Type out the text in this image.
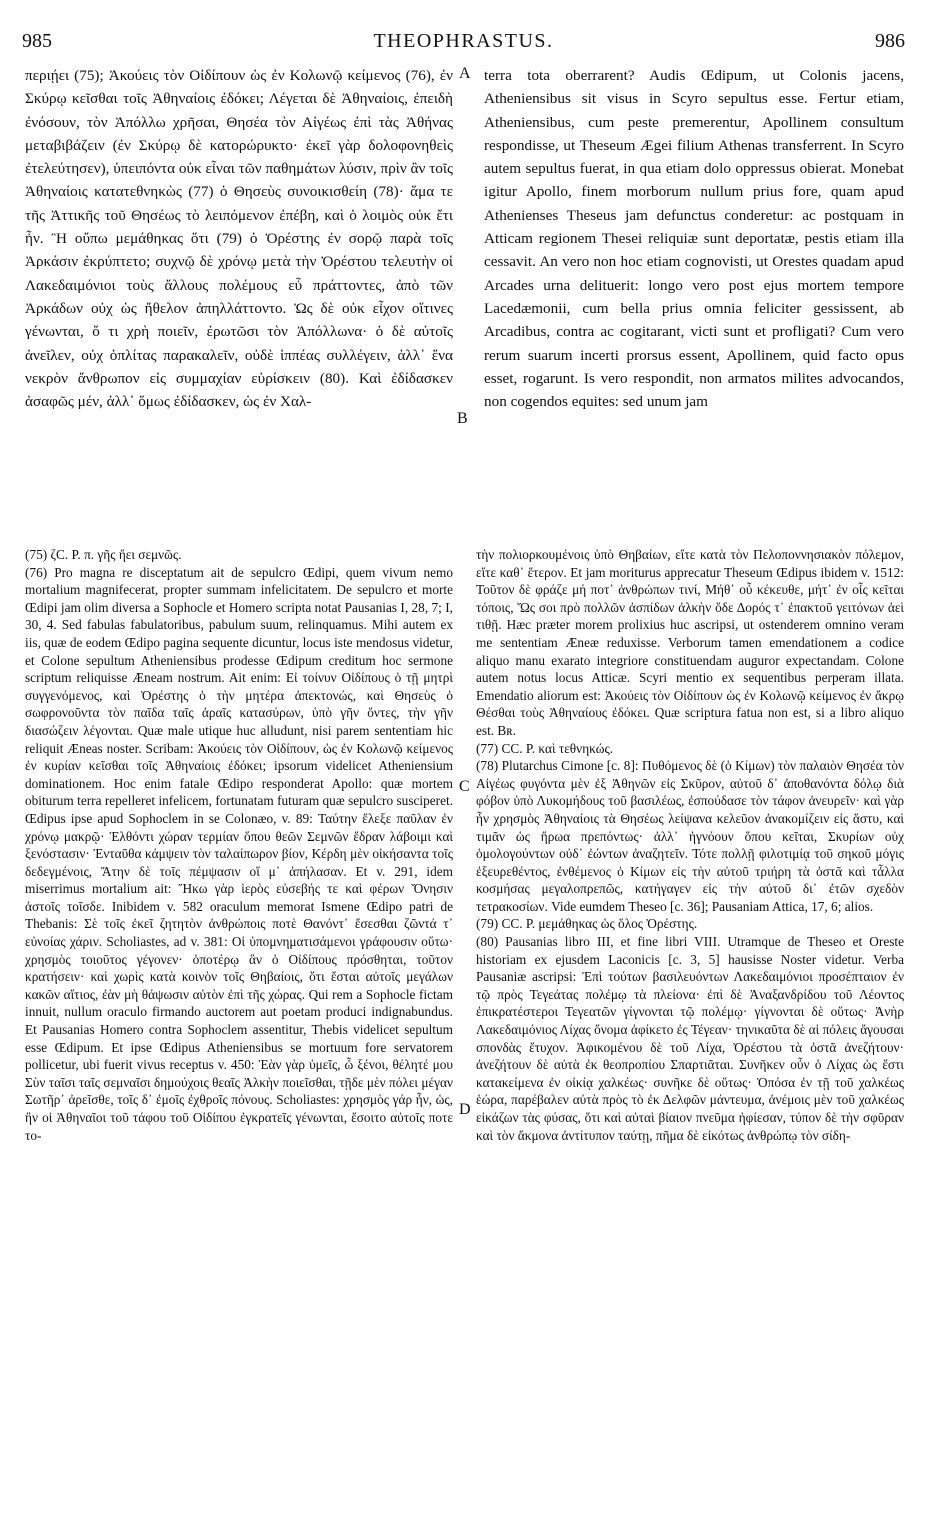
985	THEOPHRASTUS.	986

περιῄει (75); Ἀκούεις τὸν Οἰδίπουν ὡς ἐν Κολωνῷ κείμενος (76), ἐν Σκύρῳ κεῖσθαι τοῖς Ἀθηναίοις ἐδόκει; Λέγεται δὲ Ἀθηναίοις, ἐπειδὴ ἐνόσουν, τὸν Ἀπόλλω χρῆσαι, Θησέα τὸν Αἰγέως ἐπὶ τὰς Ἀθήνας μεταβιβάζειν (ἐν Σκύρῳ δὲ κατορώρυκτο· ἐκεῖ γὰρ δολοφονηθεὶς ἐτελεύτησεν), ὑπειπόντα οὐκ εἶναι τῶν παθημάτων λύσιν, πρὶν ἂν τοῖς Ἀθηναίοις κατατεθνηκὼς (77) ὁ Θησεὺς συνοικισθείη (78)· ἅμα τε τῆς Ἀττικῆς τοῦ Θησέως τὸ λειπόμενον ἐπέβη, καὶ ὁ λοιμὸς οὐκ ἔτι ἦν. Ἢ οὔπω μεμάθηκας ὅτι (79) ὁ Ὀρέστης ἐν σορῷ παρὰ τοῖς Ἀρκάσιν ἐκρύπτετο; συχνῷ δὲ χρόνῳ μετὰ τὴν Ὀρέστου τελευτὴν οἱ Λακεδαιμόνιοι τοὺς ἄλλους πολέμους εὖ πράττοντες, ἀπὸ τῶν Ἀρκάδων οὐχ ὡς ἤθελον ἀπηλλάττοντο. Ὡς δὲ οὐκ εἶχον οἵτινες γένωνται, ὅ τι χρὴ ποιεῖν, ἐρωτῶσι τὸν Ἀπόλλωνα· ὁ δὲ αὐτοῖς ἀνεῖλεν, οὐχ ὁπλίτας παρακαλεῖν, οὐδὲ ἱππέας συλλέγειν, ἀλλ᾽ ἕνα νεκρὸν ἄνθρωπον εἰς συμμαχίαν εὑρίσκειν (80). Καὶ ἐδίδασκεν ἀσαφῶς μέν, ἀλλ᾽ ὅμως ἐδίδασκεν, ὡς ἐν Χαλ-

A
B

terra tota oberrarent? Audis Œdipum, ut Colonis jacens, Atheniensibus sit visus in Scyro sepultus esse. Fertur etiam, Atheniensibus, cum peste premerentur, Apollinem consultum respondisse, ut Theseum Ægei filium Athenas transferrent. In Scyro autem sepultus fuerat, in qua etiam dolo oppressus obierat. Monebat igitur Apollo, finem morborum nullum prius fore, quam apud Athenienses Theseus jam defunctus conderetur: ac postquam in Atticam regionem Thesei reliquiæ sunt deportatæ, pestis etiam illa cessavit. An vero non hoc etiam cognovisti, ut Orestes quadam apud Arcades urna delituerit: longo vero post ejus mortem tempore Lacedæmonii, cum bella prius omnia feliciter gessissent, ab Arcadibus, contra ac cogitarant, victi sunt et profligati? Cum vero rerum suarum incerti prorsus essent, Apollinem, quid facto opus esset, rogarunt. Is vero respondit, non armatos milites advocandos, non cogendos equites: sed unum jam

(75) ζC. P. π. γῆς ἤει σεμνῶς.

(76) Pro magna re disceptatum ait de sepulcro Œdipi, quem vivum nemo mortalium magnifecerat, propter summam infelicitatem. De sepulcro et morte Œdipi jam olim diversa a Sophocle et Homero scripta notat Pausanias I, 28, 7; I, 30, 4. Sed fabulas fabulatoribus, pabulum suum, relinquamus. Mihi autem ex iis, quæ de eodem Œdipo pagina sequente dicuntur, locus iste mendosus videtur, et Colone sepultum Atheniensibus prodesse Œdipum creditum hoc sermone scriptum reliquisse Æneam nostrum. Ait enim: Εἰ τοίνυν Οἰδίπους ὁ τῇ μητρὶ συγγενόμενος, καὶ Ὀρέστης ὁ τὴν μητέρα ἀπεκτονώς, καὶ Θησεὺς ὁ σωφρονοῦντα τὸν παῖδα ταῖς ἀραῖς κατασύρων, ὑπὸ γῆν ὄντες, τὴν γῆν διασώζειν λέγονται. Quæ male utique huc alludunt, nisi parem sententiam hic reliquit Æneas noster. Scribam: Ἀκούεις τὸν Οἰδίπουν, ὡς ἐν Κολωνῷ κείμενος ἐν κυρίαν κεῖσθαι τοῖς Ἀθηναίοις ἐδόκει; ipsorum videlicet Atheniensium dominationem. Hoc enim fatale Œdipo responderat Apollo: quæ mortem obiturum terra repelleret infelicem, fortunatam futuram quæ sepulcro susciperet. Œdipus ipse apud Sophoclem in se Colonæo, v. 89: Ταύτην ἔλεξε παῦλαν ἐν χρόνῳ μακρῷ· Ἐλθόντι χώραν τερμίαν ὅπου θεῶν Σεμνῶν ἕδραν λάβοιμι καὶ ξενόστασιν· Ἐνταῦθα κάμψειν τὸν ταλαίπωρον βίον, Κέρδη μὲν οἰκήσαντα τοῖς δεδεγμένοις, Ἄτην δὲ τοῖς πέμψασιν οἵ μ᾽ ἀπήλασαν. Et v. 291, idem miserrimus mortalium ait: Ἥκω γὰρ ἱερὸς εὐσεβής τε καὶ φέρων Ὄνησιν ἀστοῖς τοῖσδε. Inibidem v. 582 oraculum memorat Ismene Œdipo patri de Thebanis: Σὲ τοῖς ἐκεῖ ζητητὸν ἀνθρώποις ποτὲ Θανόντ᾽ ἔσεσθαι ζῶντά τ᾽ εὐνοίας χάριν. Scholiastes, ad v. 381: Οἱ ὑπομνηματισάμενοι γράφουσιν οὕτω· χρησμὸς τοιοῦτος γέγονεν· ὁποτέρῳ ἂν ὁ Οἰδίπους πρόσθηται, τοῦτον κρατήσειν· καὶ χωρὶς κατὰ κοινὸν τοῖς Θηβαίοις, ὅτι ἔσται αὐτοῖς μεγάλων κακῶν αἴτιος, ἐὰν μὴ θάψωσιν αὐτὸν ἐπὶ τῆς χώρας. Qui rem a Sophocle fictam innuit, nullum oraculo firmando auctorem aut poetam produci indignabundus. Et Pausanias Homero contra Sophoclem assentitur, Thebis videlicet sepultum esse Œdipum. Et ipse Œdipus Atheniensibus se mortuum fore servatorem pollicetur, ubi fuerit vivus receptus v. 450: Ἐὰν γὰρ ὑμεῖς, ὦ ξένοι, θέλητέ μου Σὺν ταῖσι ταῖς σεμναῖσι δημούχοις θεαῖς Ἀλκὴν ποιεῖσθαι, τῇδε μὲν πόλει μέγαν Σωτῆρ᾽ ἀρεῖσθε, τοῖς δ᾽ ἐμοῖς ἐχθροῖς πόνους. Scholiastes: χρησμὸς γάρ ἦν, ὡς, ἣν οἱ Ἀθηναῖοι τοῦ τάφου τοῦ Οἰδίπου ἐγκρατεῖς γένωνται, ἔσοιτο αὐτοῖς ποτε το-

C
D

τὴν πολιορκουμένοις ὑπὸ Θηβαίων, εἴτε κατὰ τὸν Πελοποννησιακὸν πόλεμον, εἴτε καθ᾽ ἕτερον. Et jam moriturus apprecatur Theseum Œdipus ibidem v. 1512: Τοῦτον δὲ φράζε μή ποτ᾽ ἀνθρώπων τινί, Μήθ᾽ οὗ κέκευθε, μήτ᾽ ἐν οἷς κεῖται τόποις, Ὥς σοι πρὸ πολλῶν ἀσπίδων ἀλκὴν ὅδε Δορός τ᾽ ἐπακτοῦ γειτόνων ἀεὶ τιθῇ. Hæc præter morem prolixius huc ascripsi, ut ostenderem omnino veram me sententiam Æneæ reduxisse. Verborum tamen emendationem a codice aliquo manu exarato integriore constituendam auguror expectandam. Colone autem notus locus Atticæ. Scyri mentio ex sequentibus perperam illata. Emendatio aliorum est: Ἀκούεις τὸν Οἰδίπουν ὡς ἐν Κολωνῷ κείμενος ἐν ἄκρῳ Θέσθαι τοὺς Ἀθηναίους ἐδόκει. Quæ scriptura fatua non est, si a libro aliquo est. Bʀ.

(77) CC. P. καὶ τεθνηκώς.

(78) Plutarchus Cimone [c. 8]: Πυθόμενος δὲ (ὁ Κίμων) τὸν παλαιὸν Θησέα τὸν Αἰγέως φυγόντα μὲν ἐξ Ἀθηνῶν εἰς Σκῦρον, αὐτοῦ δ᾽ ἀποθανόντα δόλῳ διὰ φόβον ὑπὸ Λυκομήδους τοῦ βασιλέως, ἐσπούδασε τὸν τάφον ἀνευρεῖν· καὶ γὰρ ἦν χρησμὸς Ἀθηναίοις τὰ Θησέως λείψανα κελεῦον ἀνακομίζειν εἰς ἄστυ, καὶ τιμᾶν ὡς ἥρωα πρεπόντως· ἀλλ᾽ ἠγνόουν ὅπου κεῖται, Σκυρίων οὐχ ὁμολογούντων οὐδ᾽ ἐώντων ἀναζητεῖν. Τότε πολλῇ φιλοτιμίᾳ τοῦ σηκοῦ μόγις ἐξευρεθέντος, ἐνθέμενος ὁ Κίμων εἰς τὴν αὐτοῦ τριήρη τὰ ὀστᾶ καὶ τἆλλα κοσμήσας μεγαλοπρεπῶς, κατήγαγεν εἰς τὴν αὐτοῦ δι᾽ ἐτῶν σχεδὸν τετρακοσίων. Vide eumdem Theseo [c. 36]; Pausaniam Attica, 17, 6; alios.

(79) CC. P. μεμάθηκας ὡς ὅλος Ὀρέστης.

(80) Pausanias libro III, et fine libri VIII. Utramque de Theseo et Oreste historiam ex ejusdem Laconicis [c. 3, 5] hausisse Noster videtur. Verba Pausaniæ ascripsi: Ἐπὶ τούτων βασιλευόντων Λακεδαιμόνιοι προσέπταιον ἐν τῷ πρὸς Τεγεάτας πολέμῳ τὰ πλείονα· ἐπὶ δὲ Ἀναξανδρίδου τοῦ Λέοντος ἐπικρατέστεροι Τεγεατῶν γίγνονται τῷ πολέμῳ· γίγνονται δὲ οὕτως· Ἀνὴρ Λακεδαιμόνιος Λίχας ὄνομα ἀφίκετο ἐς Τέγεαν· τηνικαῦτα δὲ αἱ πόλεις ἄγουσαι σπονδὰς ἔτυχον. Ἀφικομένου δὲ τοῦ Λίχα, Ὀρέστου τὰ ὀστᾶ ἀνεζήτουν· ἀνεζήτουν δὲ αὐτὰ ἐκ θεοπροπίου Σπαρτιᾶται. Συνῆκεν οὖν ὁ Λίχας ὡς ἔστι κατακείμενα ἐν οἰκίᾳ χαλκέως· συνῆκε δὲ οὕτως· Ὁπόσα ἐν τῇ τοῦ χαλκέως ἑώρα, παρέβαλεν αὐτὰ πρὸς τὸ ἐκ Δελφῶν μάντευμα, ἀνέμοις μὲν τοῦ χαλκέως εἰκάζων τὰς φύσας, ὅτι καὶ αὐταὶ βίαιον πνεῦμα ἠφίεσαν, τύπον δὲ τὴν σφῦραν καὶ τὸν ἄκμονα ἀντίτυπον ταύτῃ, πῆμα δὲ εἰκότως ἀνθρώπῳ τὸν σίδη-
